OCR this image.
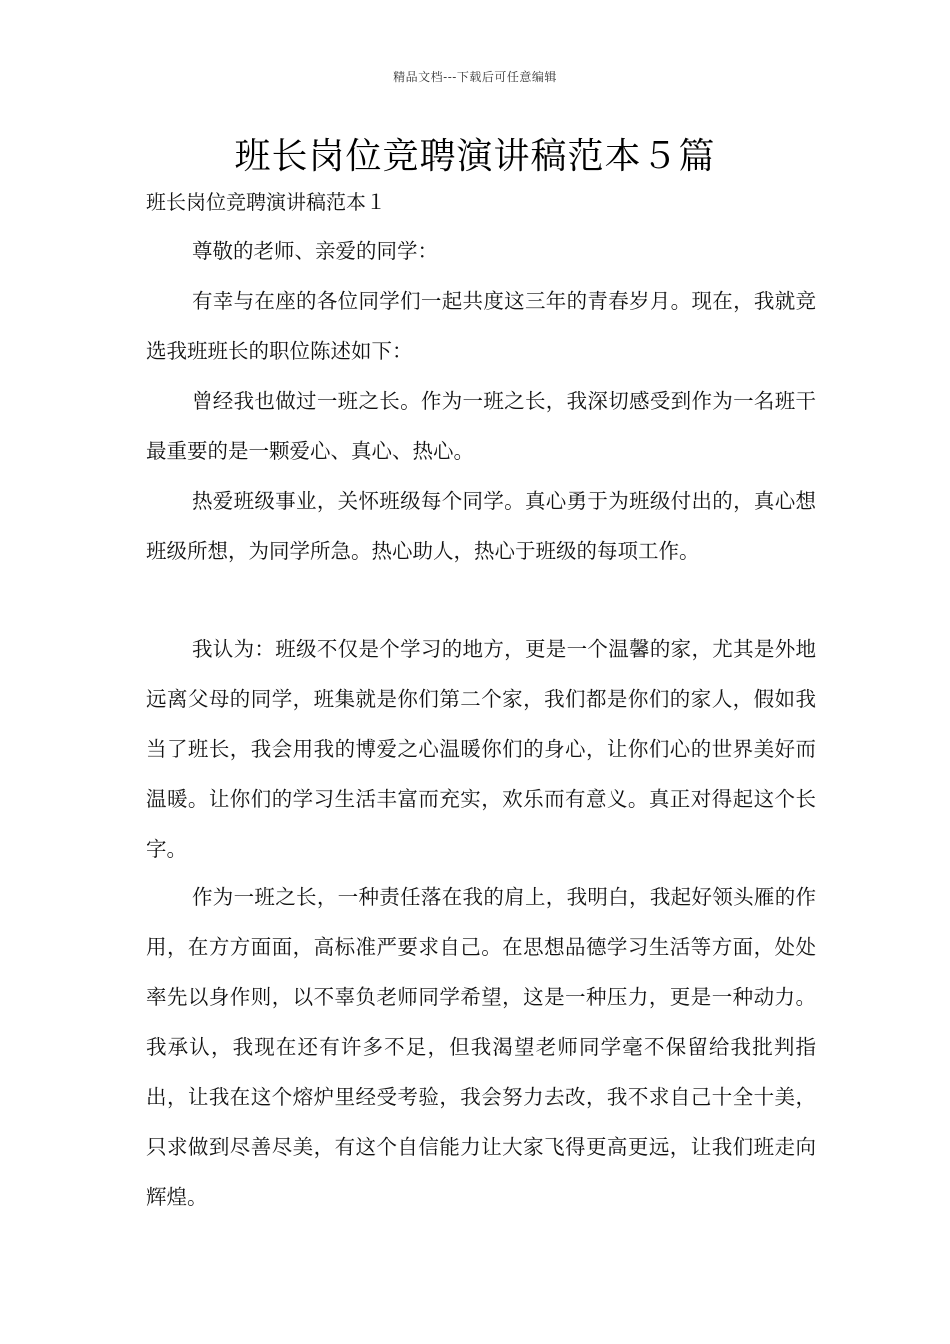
精品文档---下载后可任意编辑
班长岗位竞聘演讲稿范本５篇
班长岗位竞聘演讲稿范本１

尊敬的老师、亲爱的同学：

有幸与在座的各位同学们一起共度这三年的青春岁月。现在，我就竞选我班班长的职位陈述如下：

曾经我也做过一班之长。作为一班之长，我深切感受到作为一名班干最重要的是一颗爱心、真心、热心。

热爱班级事业，关怀班级每个同学。真心勇于为班级付出的，真心想班级所想，为同学所急。热心助人，热心于班级的每项工作。

我认为：班级不仅是个学习的地方，更是一个温馨的家，尤其是外地远离父母的同学，班集就是你们第二个家，我们都是你们的家人，假如我当了班长，我会用我的博爱之心温暖你们的身心，让你们心的世界美好而温暖。让你们的学习生活丰富而充实，欢乐而有意义。真正对得起这个长字。

作为一班之长，一种责任落在我的肩上，我明白，我起好领头雁的作用，在方方面面，高标准严要求自己。在思想品德学习生活等方面，处处率先以身作则，以不辜负老师同学希望，这是一种压力，更是一种动力。我承认，我现在还有许多不足，但我渴望老师同学毫不保留给我批判指出，让我在这个熔炉里经受考验，我会努力去改，我不求自己十全十美，只求做到尽善尽美，有这个自信能力让大家飞得更高更远，让我们班走向辉煌。
